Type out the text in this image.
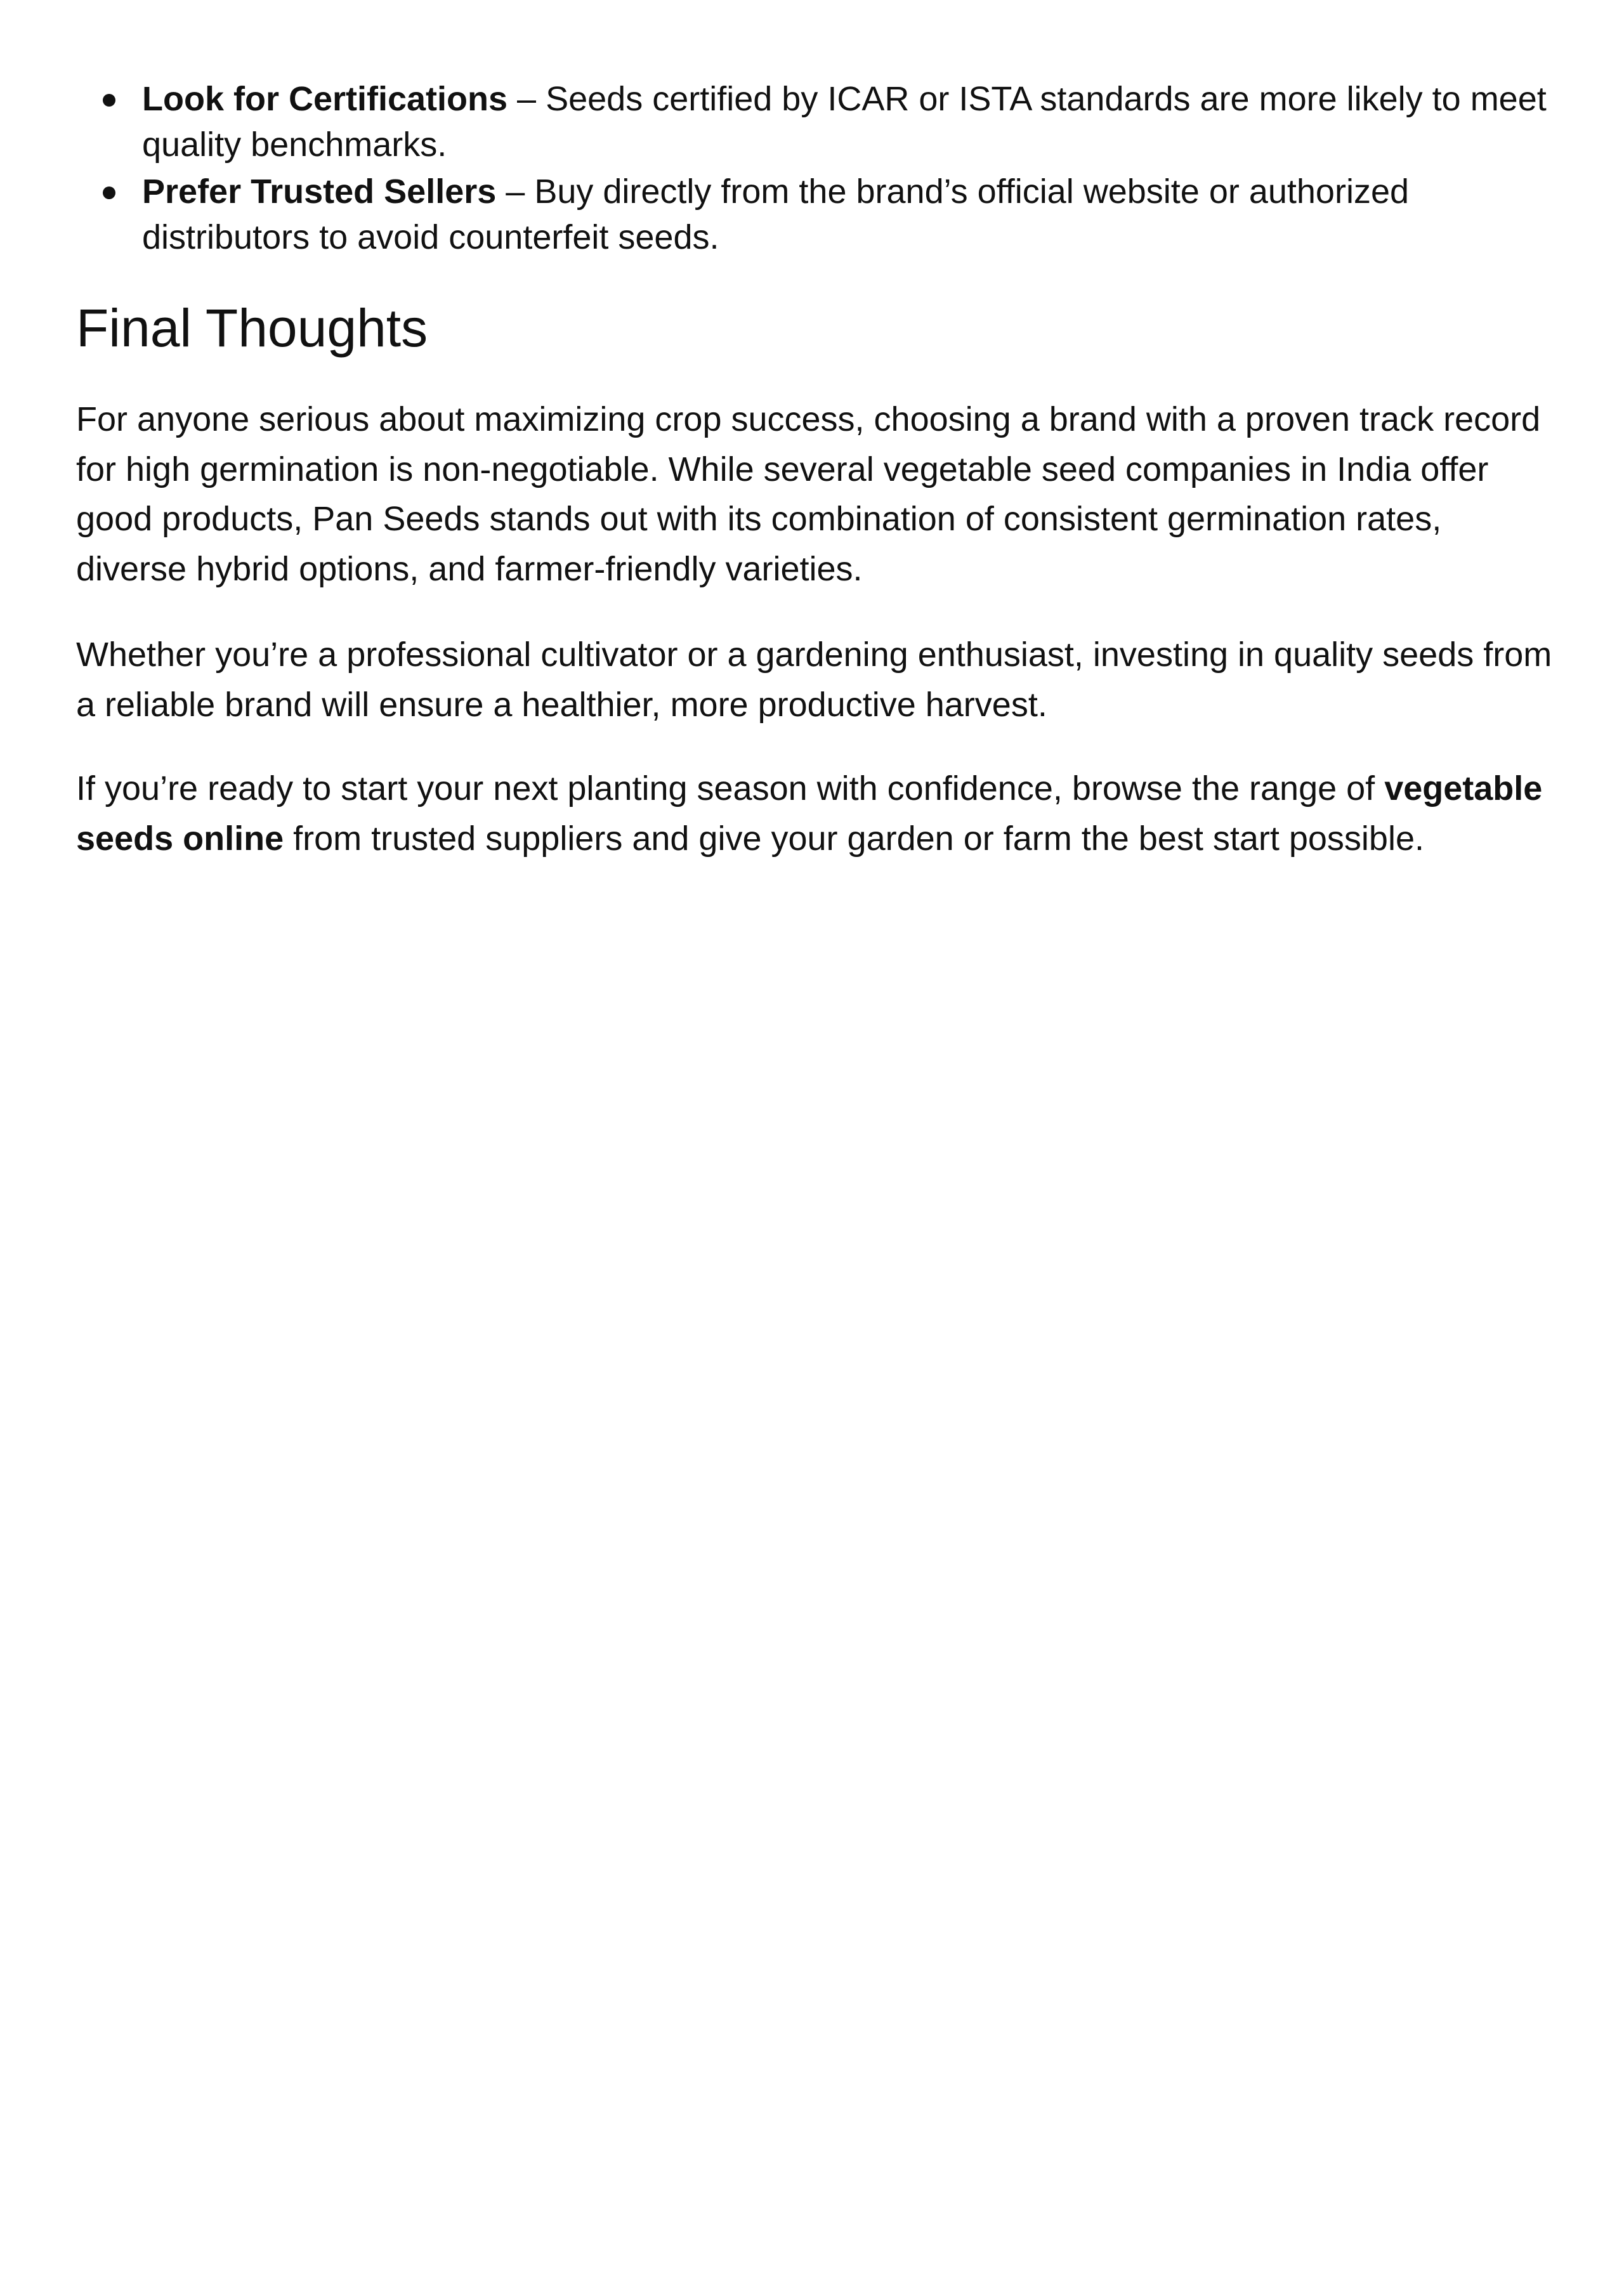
Look for Certifications – Seeds certified by ICAR or ISTA standards are more likely to meet quality benchmarks.
Prefer Trusted Sellers – Buy directly from the brand’s official website or authorized distributors to avoid counterfeit seeds.
Final Thoughts

For anyone serious about maximizing crop success, choosing a brand with a proven track record for high germination is non-negotiable. While several vegetable seed companies in India offer good products, Pan Seeds stands out with its combination of consistent germination rates, diverse hybrid options, and farmer-friendly varieties.

Whether you’re a professional cultivator or a gardening enthusiast, investing in quality seeds from a reliable brand will ensure a healthier, more productive harvest.

If you’re ready to start your next planting season with confidence, browse the range of vegetable seeds online from trusted suppliers and give your garden or farm the best start possible.
